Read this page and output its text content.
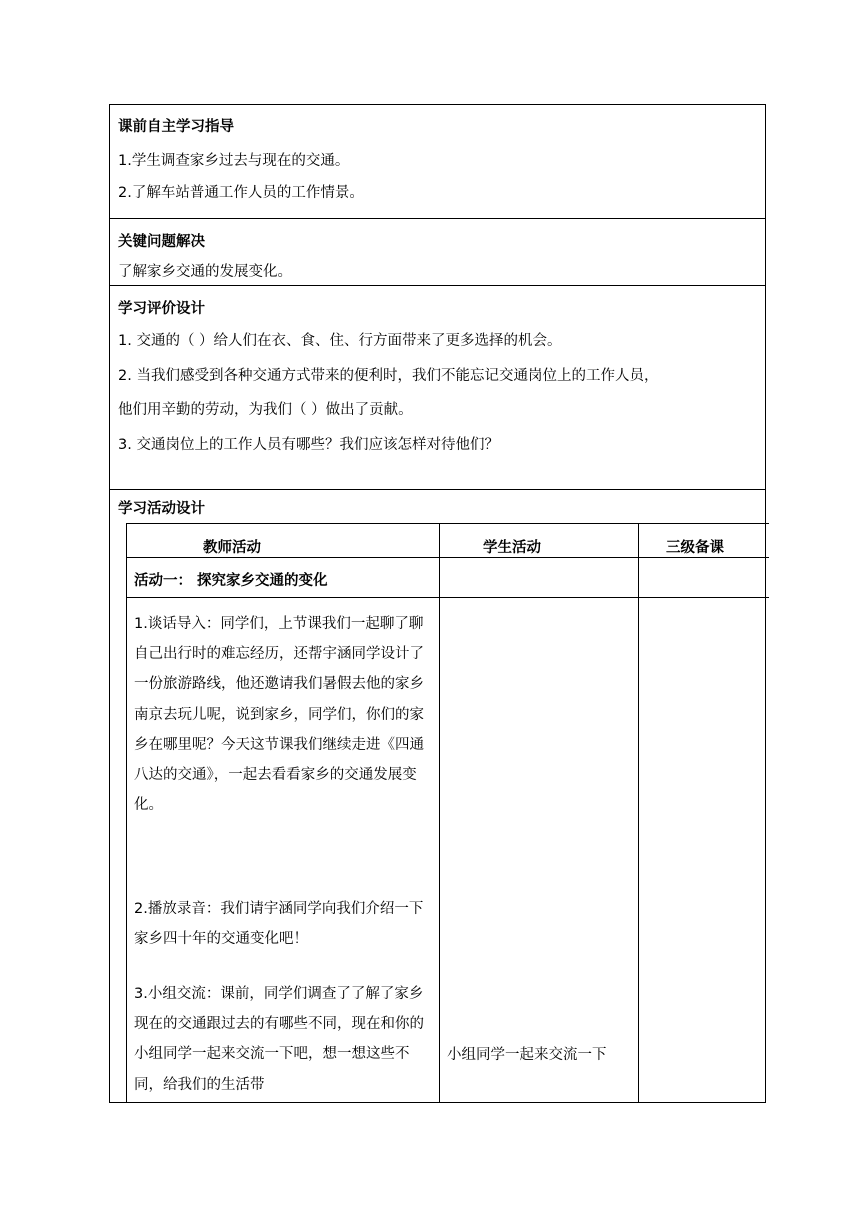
课前自主学习指导
1.学生调查家乡过去与现在的交通。
2.了解车站普通工作人员的工作情景。
关键问题解决
了解家乡交通的发展变化。
学习评价设计
1. 交通的（ ）给人们在衣、食、住、行方面带来了更多选择的机会。
2. 当我们感受到各种交通方式带来的便利时，我们不能忘记交通岗位上的工作人员，
他们用辛勤的劳动，为我们（ ）做出了贡献。
3. 交通岗位上的工作人员有哪些？我们应该怎样对待他们？
学习活动设计
教师活动	学生活动	三级备课
活动一： 探究家乡交通的变化
1.谈话导入：同学们，上节课我们一起聊了聊自己出行时的难忘经历，还帮宇涵同学设计了一份旅游路线，他还邀请我们暑假去他的家乡南京去玩儿呢，说到家乡，同学们，你们的家乡在哪里呢？今天这节课我们继续走进《四通八达的交通》，一起去看看家乡的交通发展变化。
2.播放录音：我们请宇涵同学向我们介绍一下家乡四十年的交通变化吧！
3.小组交流：课前，同学们调查了了解了家乡现在的交通跟过去的有哪些不同，现在和你的小组同学一起来交流一下吧，想一想这些不同，给我们的生活带
小组同学一起来交流一下
